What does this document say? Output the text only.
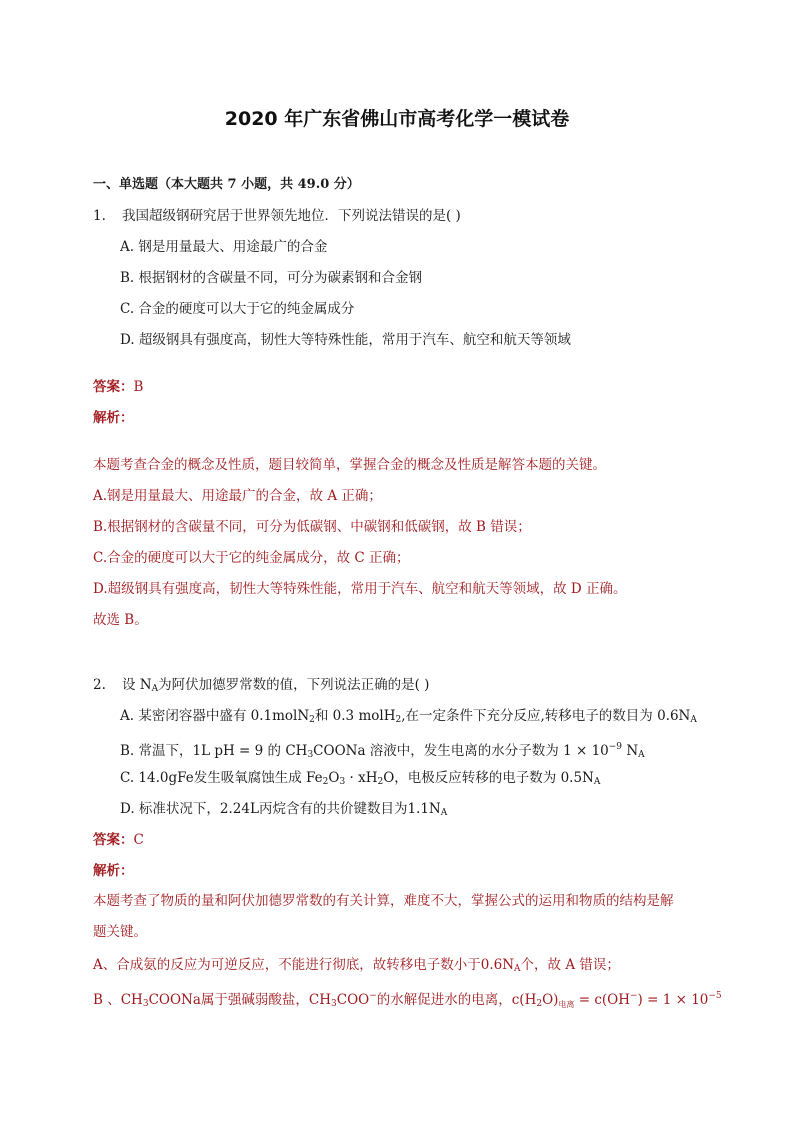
2020 年广东省佛山市高考化学一模试卷
一、单选题（本大题共 7 小题，共 49.0 分）
1. 我国超级钢研究居于世界领先地位．下列说法错误的是( )
A. 钢是用量最大、用途最广的合金
B. 根据钢材的含碳量不同，可分为碳素钢和合金钢
C. 合金的硬度可以大于它的纯金属成分
D. 超级钢具有强度高，韧性大等特殊性能，常用于汽车、航空和航天等领域
答案：B
解析：
本题考查合金的概念及性质，题目较简单，掌握合金的概念及性质是解答本题的关键。
A.钢是用量最大、用途最广的合金，故 A 正确；
B.根据钢材的含碳量不同，可分为低碳钢、中碳钢和低碳钢，故 B 错误；
C.合金的硬度可以大于它的纯金属成分，故 C 正确；
D.超级钢具有强度高，韧性大等特殊性能，常用于汽车、航空和航天等领域，故 D 正确。
故选 B。
2. 设 $N_A$为阿伏加德罗常数的值，下列说法正确的是( )
A. 某密闭容器中盛有 0.1molN$_2$和 0.3 molH$_2$,在一定条件下充分反应,转移电子的数目为 $0.6N_A$
B. 常温下，1L pH = 9 的 $CH_3COONa$ 溶液中，发生电离的水分子数为 $1 \times 10^{-9}$ $N_A$
C. 14.0gFe发生吸氧腐蚀生成 $Fe_2O_3 \cdot xH_2O$，电极反应转移的电子数为 $0.5N_A$
D. 标准状况下，2.24L丙烷含有的共价键数目为$1.1N_A$
答案：C
解析：
本题考查了物质的量和阿伏加德罗常数的有关计算，难度不大，掌握公式的运用和物质的结构是解
题关键。
A、合成氨的反应为可逆反应，不能进行彻底，故转移电子数小于$0.6N_A$个，故 A 错误；
B 、$CH_3COONa$属于强碱弱酸盐，$CH_3COO^-$的水解促进水的电离，$c(H_2O)_{电离} = c(OH^-) = 1 \times 10^{-5}$
